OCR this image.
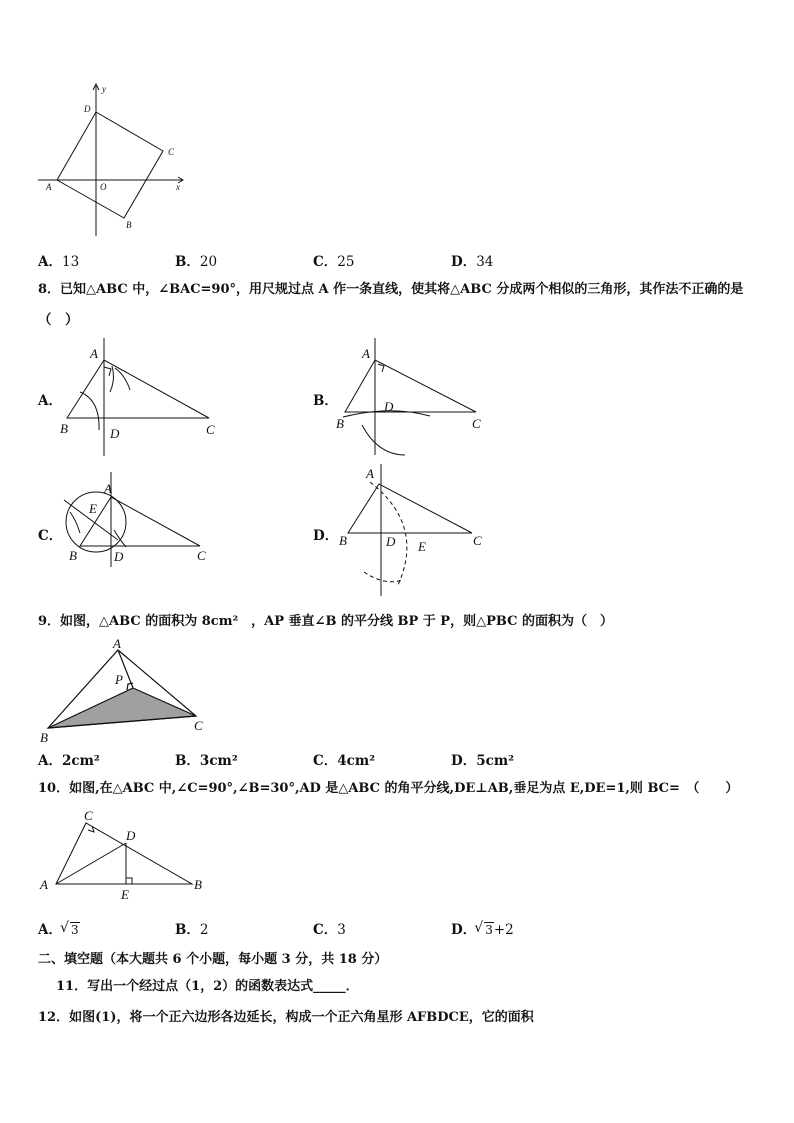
y
D
C
A	O	x
B
A．13	B．20	C．25	D．34
8．已知△ABC 中，∠BAC=90°，用尺规过点 A 作一条直线，使其将△ABC 分成两个相似的三角形，其作法不正确的是
（　）
A．
A
B	D	C
B．
A
D
B	C
C．
A
E
B	D	C
D．
A
B	D E	C
9．如图，△ABC 的面积为 8cm²　，AP 垂直∠B 的平分线 BP 于 P，则△PBC 的面积为（　）
A
P
B
C
A．2cm²	B．3cm²	C．4cm²	D．5cm²
10．如图,在△ABC 中,∠C=90°,∠B=30°,AD 是△ABC 的角平分线,DE⊥AB,垂足为点 E,DE=1,则 BC=　（　　）
C
D
A
E
B
A． √ 3	B．2	C．3	D． √ 3+2
二、填空题（本大题共 6 个小题，每小题 3 分，共 18 分）
11．写出一个经过点（1，2）的函数表达式_____．
12．如图(1)，将一个正六边形各边延长，构成一个正六角星形 AFBDCE，它的面积
